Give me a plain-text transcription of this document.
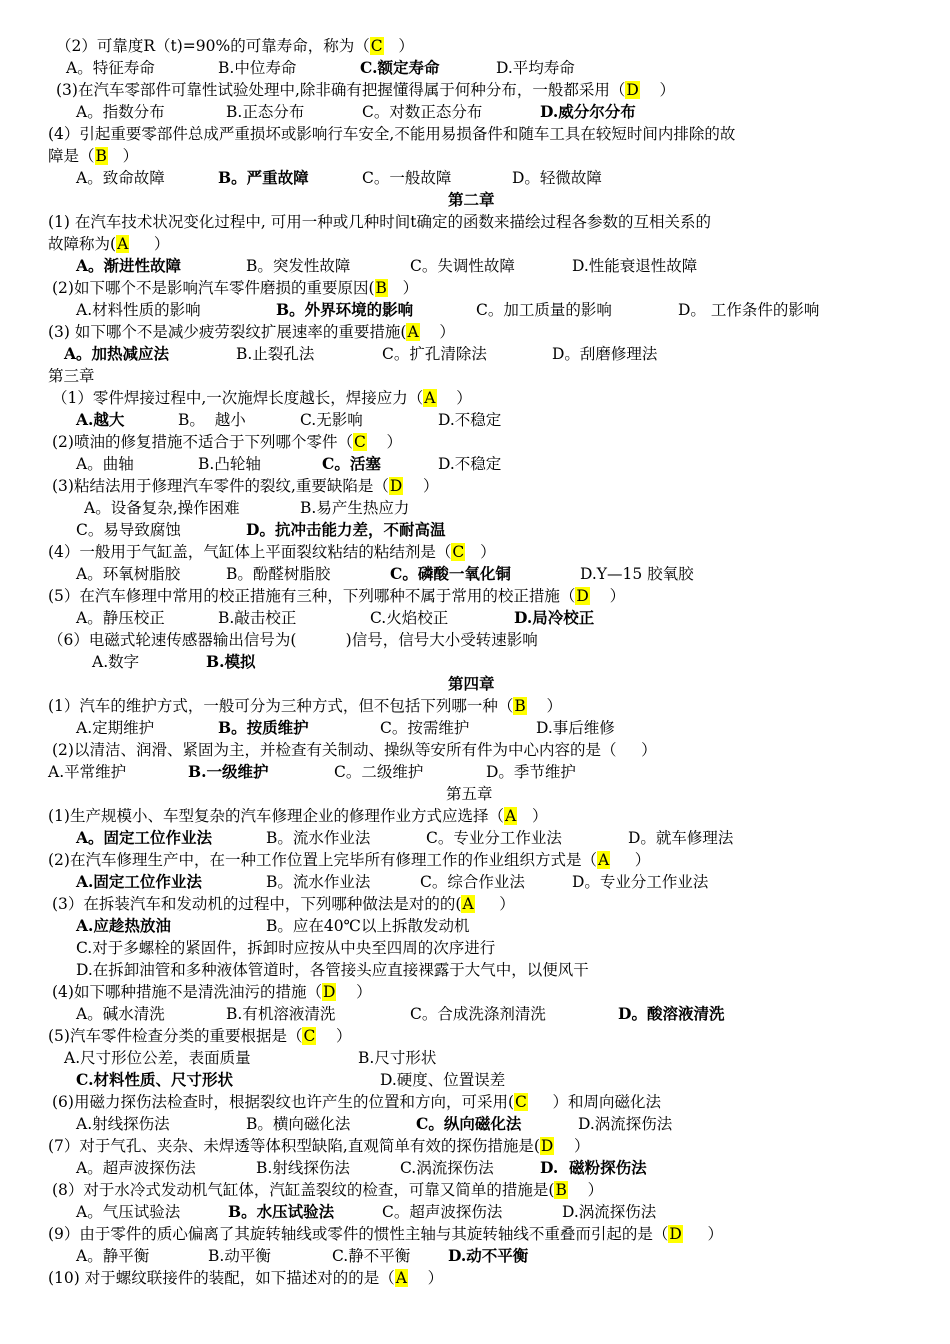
（2）可靠度R（t)=90%的可靠寿命，称为（C   ）
A。特征寿命	B.中位寿命	C.额定寿命	D.平均寿命
(3)在汽车零部件可靠性试验处理中,除非确有把握懂得属于何种分布，一般都采用（D    ）
A。指数分布	B.正态分布	C。对数正态分布	D.威分尔分布
(4）引起重要零部件总成严重损坏或影响行车安全,不能用易损备件和随车工具在较短时间内排除的故
障是（B   ）
A。致命故障	B。严重故障	C。一般故障	D。轻微故障
第二章
(1) 在汽车技术状况变化过程中, 可用一种或几种时间t确定的函数来描绘过程各参数的互相关系的
故障称为(A     ）
A。渐进性故障	B。突发性故障	C。失调性故障	D.性能衰退性故障
(2)如下哪个不是影响汽车零件磨损的重要原因(B   ）
A.材料性质的影响	B。外界环境的影响	C。加工质量的影响	D。 工作条件的影响
(3) 如下哪个不是减少疲劳裂纹扩展速率的重要措施(A    ）
A。加热减应法	B.止裂孔法	C。扩孔清除法	D。刮磨修理法
第三章
（1）零件焊接过程中,一次施焊长度越长，焊接应力（A    ）
A.越大	B。  越小	C.无影响	D.不稳定
(2)喷油的修复措施不适合于下列哪个零件（C    ）
A。曲轴	B.凸轮轴	C。活塞	D.不稳定
(3)粘结法用于修理汽车零件的裂纹,重要缺陷是（D    ）
A。设备复杂,操作困难	B.易产生热应力
C。易导致腐蚀	D。抗冲击能力差，不耐高温
(4）一般用于气缸盖，气缸体上平面裂纹粘结的粘结剂是（C   ）
A。环氧树脂胶	B。酚醛树脂胶	C。磷酸一氧化铜	D.Y—15 胶氧胶
(5）在汽车修理中常用的校正措施有三种，下列哪种不属于常用的校正措施（D    ）
A。静压校正	B.敲击校正	C.火焰校正	D.局冷校正
（6）电磁式轮速传感器输出信号为(          )信号，信号大小受转速影响
A.数字	B.模拟
第四章
(1）汽车的维护方式，一般可分为三种方式，但不包括下列哪一种（B    ）
A.定期维护	B。按质维护	C。按需维护	D.事后维修
(2)以清洁、润滑、紧固为主，并检查有关制动、操纵等安所有件为中心内容的是（     ）
A.平常维护	B.一级维护	C。二级维护	D。季节维护
第五章
(1)生产规模小、车型复杂的汽车修理企业的修理作业方式应选择（A   ）
A。固定工位作业法	B。流水作业法	C。专业分工作业法	D。就车修理法
(2)在汽车修理生产中，在一种工作位置上完毕所有修理工作的作业组织方式是（A     ）
A.固定工位作业法	B。流水作业法	C。综合作业法	D。专业分工作业法
(3）在拆装汽车和发动机的过程中，下列哪种做法是对的的(A     ）
A.应趁热放油	B。应在40℃以上拆散发动机
C.对于多螺栓的紧固件，拆卸时应按从中央至四周的次序进行
D.在拆卸油管和多种液体管道时，各管接头应直接裸露于大气中，以便风干
(4)如下哪种措施不是清洗油污的措施（D    ）
A。碱水清洗	B.有机溶液清洗	C。合成洗涤剂清洗	D。酸溶液清洗
(5)汽车零件检查分类的重要根据是（C    ）
A.尺寸形位公差，表面质量	B.尺寸形状
C.材料性质、尺寸形状	D.硬度、位置误差
(6)用磁力探伤法检查时，根据裂纹也许产生的位置和方向，可采用(C     ）和周向磁化法
A.射线探伤法	B。横向磁化法	C。纵向磁化法	D.涡流探伤法
(7）对于气孔、夹杂、未焊透等体积型缺陷,直观简单有效的探伤措施是(D    ）
A。超声波探伤法	B.射线探伤法	C.涡流探伤法	D.  磁粉探伤法
(8）对于水冷式发动机气缸体，汽缸盖裂纹的检查，可靠又简单的措施是(B    ）
A。气压试验法	B。水压试验法	C。超声波探伤法	D.涡流探伤法
(9）由于零件的质心偏离了其旋转轴线或零件的惯性主轴与其旋转轴线不重叠而引起的是（D     ）
A。静平衡	B.动平衡	C.静不平衡 D.动不平衡
(10) 对于螺纹联接件的装配，如下描述对的的是（A    ）
